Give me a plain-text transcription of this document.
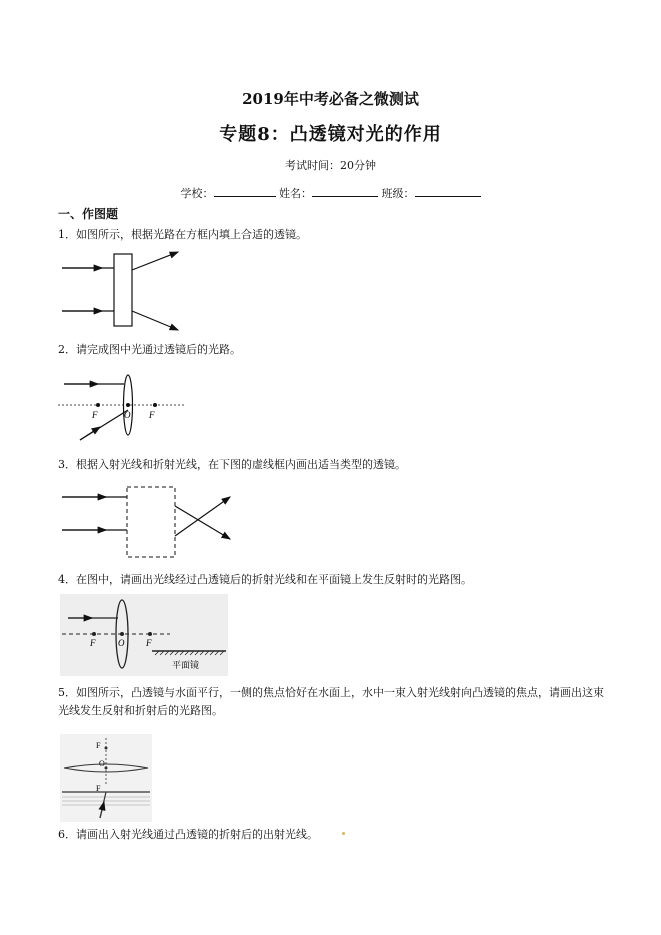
2019年中考必备之微测试
专题8：凸透镜对光的作用
考试时间：20分钟
学校：	姓名：	班级：
一、作图题
1．如图所示，根据光路在方框内填上合适的透镜。
2．请完成图中光通过透镜后的光路。
F	O F
3．根据入射光线和折射光线，在下图的虚线框内画出适当类型的透镜。
4．在图中，请画出光线经过凸透镜后的折射光线和在平面镜上发生反射时的光路图。
F	O F
平面镜
5．如图所示，凸透镜与水面平行，一侧的焦点恰好在水面上，水中一束入射光线射向凸透镜的焦点，请画出这束光线发生反射和折射后的光路图。
F
O
F
6．请画出入射光线通过凸透镜的折射后的出射光线。
